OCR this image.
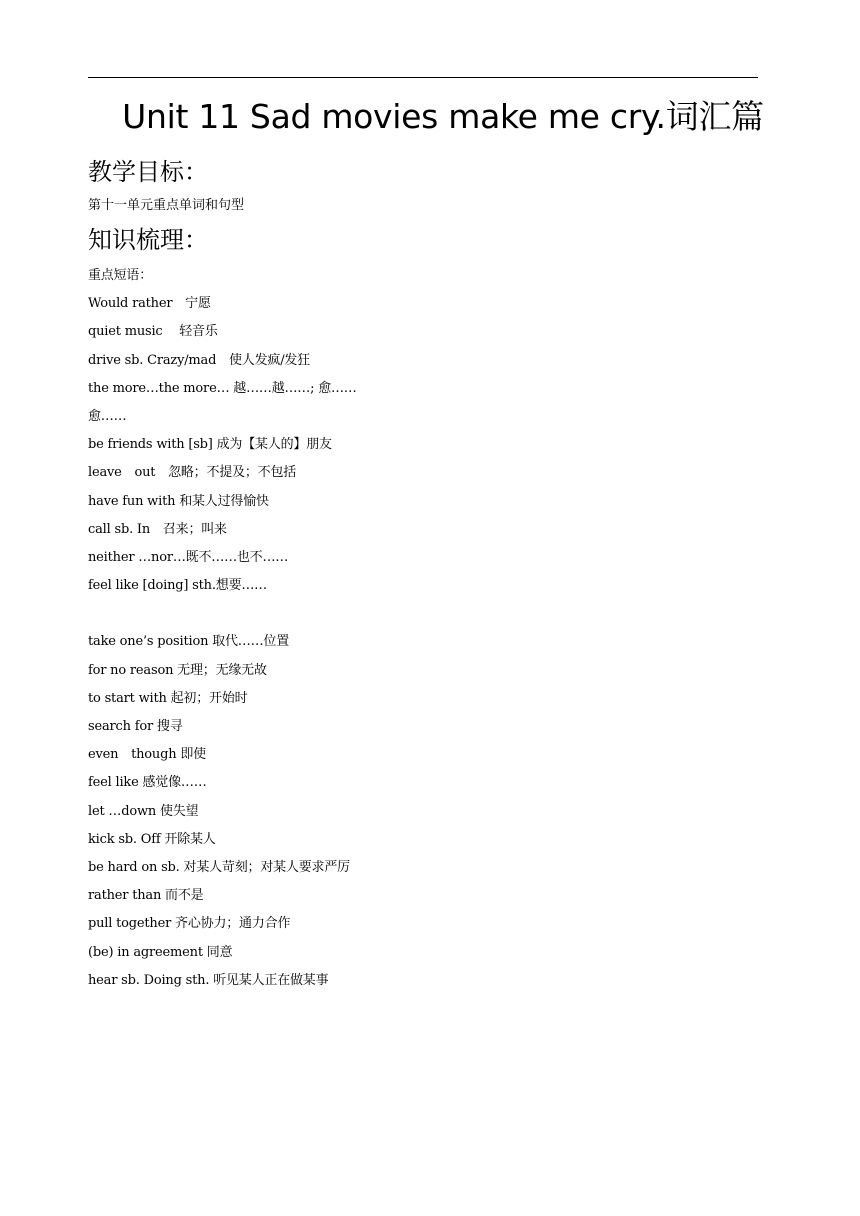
Unit 11 Sad movies make me cry.词汇篇
教学目标：
第十一单元重点单词和句型
知识梳理：
重点短语：
Would rather　宁愿
quiet music　 轻音乐
drive sb. Crazy/mad　使人发疯/发狂
the more…the more… 越……越……; 愈……
愈……
be friends with [sb] 成为【某人的】朋友
leave　out　忽略；不提及；不包括
have fun with 和某人过得愉快
call sb. In　召来；叫来
neither …nor…既不……也不……
feel like [doing] sth.想要……
take one’s position 取代……位置
for no reason 无理；无缘无故
to start with 起初；开始时
search for 搜寻
even　though 即使
feel like 感觉像……
let …down 使失望
kick sb. Off 开除某人
be hard on sb. 对某人苛刻；对某人要求严厉
rather than 而不是
pull together 齐心协力；通力合作
(be) in agreement 同意
hear sb. Doing sth. 听见某人正在做某事
